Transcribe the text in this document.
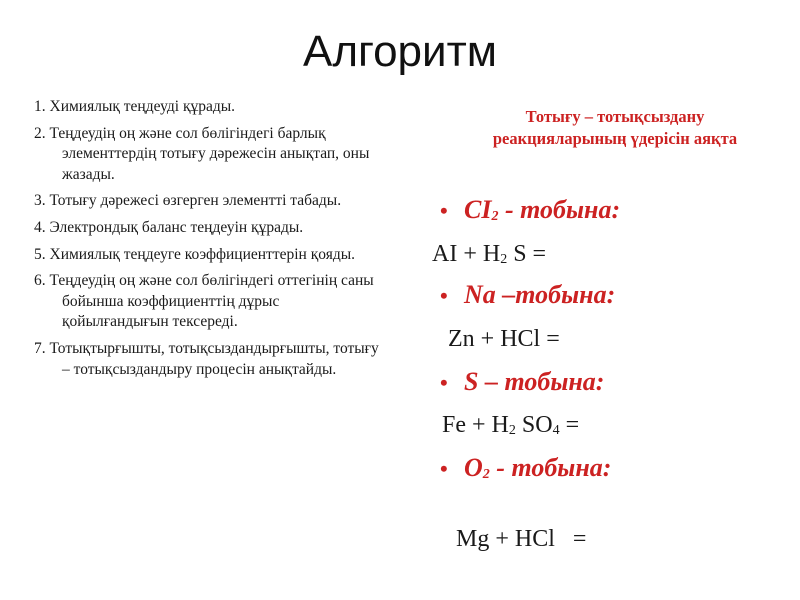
Алгоритм
1. Химиялық теңдеуді құрады.
2. Теңдеудің оң және сол бөлігіндегі барлық элементтердің тотығу дәрежесін анықтап, оны жазады.
3. Тотығу дәрежесі өзгерген элементті табады.
4. Электрондық баланс теңдеуін құрады.
5. Химиялық теңдеуге коэффициенттерін қояды.
6. Теңдеудің оң және сол бөлігіндегі оттегінің саны бойынша коэффициенттің дұрыс қойылғандығын тексереді.
7. Тотықтырғышты, тотықсыздандырғышты, тотығу – тотықсыздандыру процесін анықтайды.
Тотығу – тотықсыздану реакцияларының үдерісін аяқта
• CI2 - тобына:
AI + H2 S =
• Na –тобына:
Zn + HCl =
• S – тобына:
Fe + H2 SO4 =
• O2 - тобына:

Mg + HCl   =
